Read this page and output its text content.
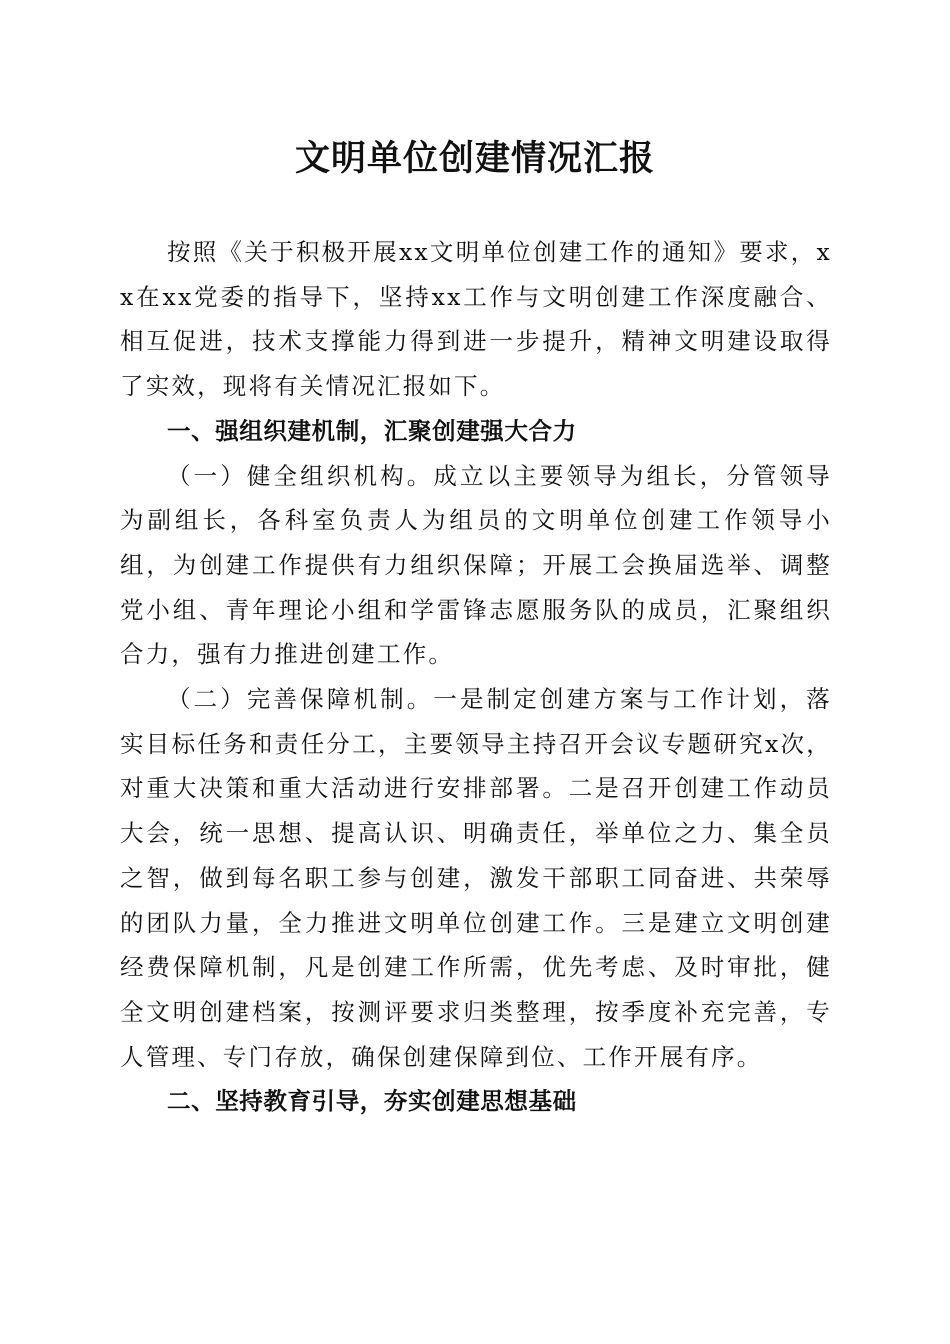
文明单位创建情况汇报

按照《关于积极开展xx文明单位创建工作的通知》要求，xx在xx党委的指导下，坚持xx工作与文明创建工作深度融合、相互促进，技术支撑能力得到进一步提升，精神文明建设取得了实效，现将有关情况汇报如下。

一、强组织建机制，汇聚创建强大合力

（一）健全组织机构。成立以主要领导为组长，分管领导为副组长，各科室负责人为组员的文明单位创建工作领导小组，为创建工作提供有力组织保障；开展工会换届选举、调整党小组、青年理论小组和学雷锋志愿服务队的成员，汇聚组织合力，强有力推进创建工作。

（二）完善保障机制。一是制定创建方案与工作计划，落实目标任务和责任分工，主要领导主持召开会议专题研究x次，对重大决策和重大活动进行安排部署。二是召开创建工作动员大会，统一思想、提高认识、明确责任，举单位之力、集全员之智，做到每名职工参与创建，激发干部职工同奋进、共荣辱的团队力量，全力推进文明单位创建工作。三是建立文明创建经费保障机制，凡是创建工作所需，优先考虑、及时审批，健全文明创建档案，按测评要求归类整理，按季度补充完善，专人管理、专门存放，确保创建保障到位、工作开展有序。

二、坚持教育引导，夯实创建思想基础
